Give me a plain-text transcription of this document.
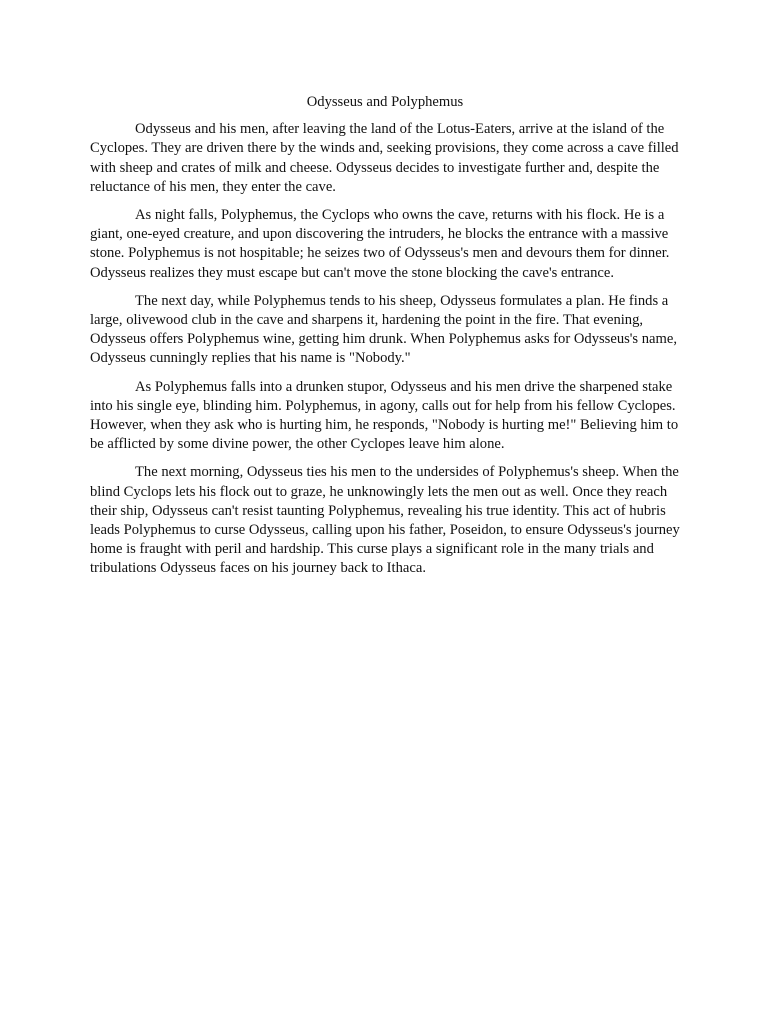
Odysseus and Polyphemus

Odysseus and his men, after leaving the land of the Lotus-Eaters, arrive at the island of the Cyclopes. They are driven there by the winds and, seeking provisions, they come across a cave filled with sheep and crates of milk and cheese. Odysseus decides to investigate further and, despite the reluctance of his men, they enter the cave.

As night falls, Polyphemus, the Cyclops who owns the cave, returns with his flock. He is a giant, one-eyed creature, and upon discovering the intruders, he blocks the entrance with a massive stone. Polyphemus is not hospitable; he seizes two of Odysseus's men and devours them for dinner. Odysseus realizes they must escape but can't move the stone blocking the cave's entrance.

The next day, while Polyphemus tends to his sheep, Odysseus formulates a plan. He finds a large, olivewood club in the cave and sharpens it, hardening the point in the fire. That evening, Odysseus offers Polyphemus wine, getting him drunk. When Polyphemus asks for Odysseus's name, Odysseus cunningly replies that his name is "Nobody."

As Polyphemus falls into a drunken stupor, Odysseus and his men drive the sharpened stake into his single eye, blinding him. Polyphemus, in agony, calls out for help from his fellow Cyclopes. However, when they ask who is hurting him, he responds, "Nobody is hurting me!" Believing him to be afflicted by some divine power, the other Cyclopes leave him alone.

The next morning, Odysseus ties his men to the undersides of Polyphemus's sheep. When the blind Cyclops lets his flock out to graze, he unknowingly lets the men out as well. Once they reach their ship, Odysseus can't resist taunting Polyphemus, revealing his true identity. This act of hubris leads Polyphemus to curse Odysseus, calling upon his father, Poseidon, to ensure Odysseus's journey home is fraught with peril and hardship. This curse plays a significant role in the many trials and tribulations Odysseus faces on his journey back to Ithaca.
